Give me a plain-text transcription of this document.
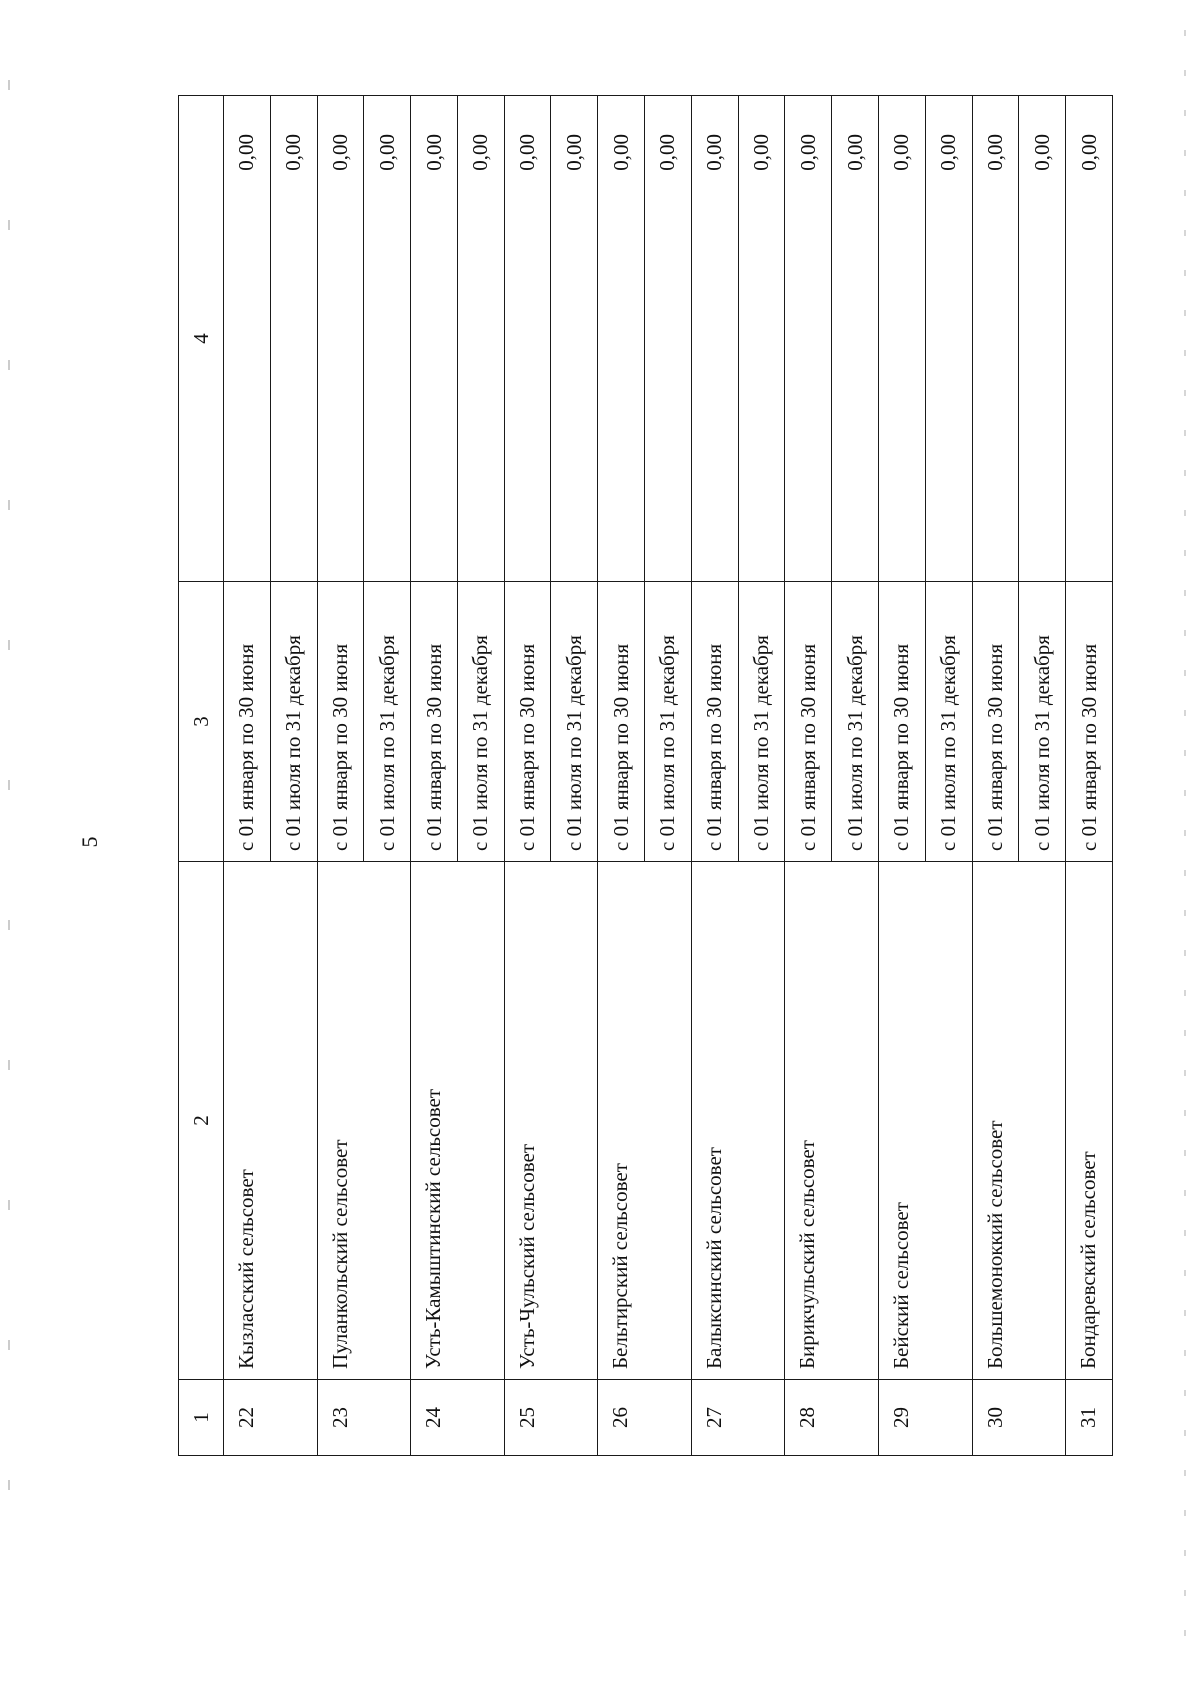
5
1	2	3	4
22	Кызласский сельсовет	с 01 января по 30 июня	0,00
		с 01 июля по 31 декабря	0,00
23	Пуланкольский сельсовет	с 01 января по 30 июня	0,00
		с 01 июля по 31 декабря	0,00
24	Усть-Камыштинский сельсовет	с 01 января по 30 июня	0,00
		с 01 июля по 31 декабря	0,00
25	Усть-Чульский сельсовет	с 01 января по 30 июня	0,00
		с 01 июля по 31 декабря	0,00
26	Бельтирский сельсовет	с 01 января по 30 июня	0,00
		с 01 июля по 31 декабря	0,00
27	Балыксинский сельсовет	с 01 января по 30 июня	0,00
		с 01 июля по 31 декабря	0,00
28	Бирикчульский сельсовет	с 01 января по 30 июня	0,00
		с 01 июля по 31 декабря	0,00
29	Бейский сельсовет	с 01 января по 30 июня	0,00
		с 01 июля по 31 декабря	0,00
30	Большемоноккий сельсовет	с 01 января по 30 июня	0,00
		с 01 июля по 31 декабря	0,00
31	Бондаревский сельсовет	с 01 января по 30 июня	0,00
